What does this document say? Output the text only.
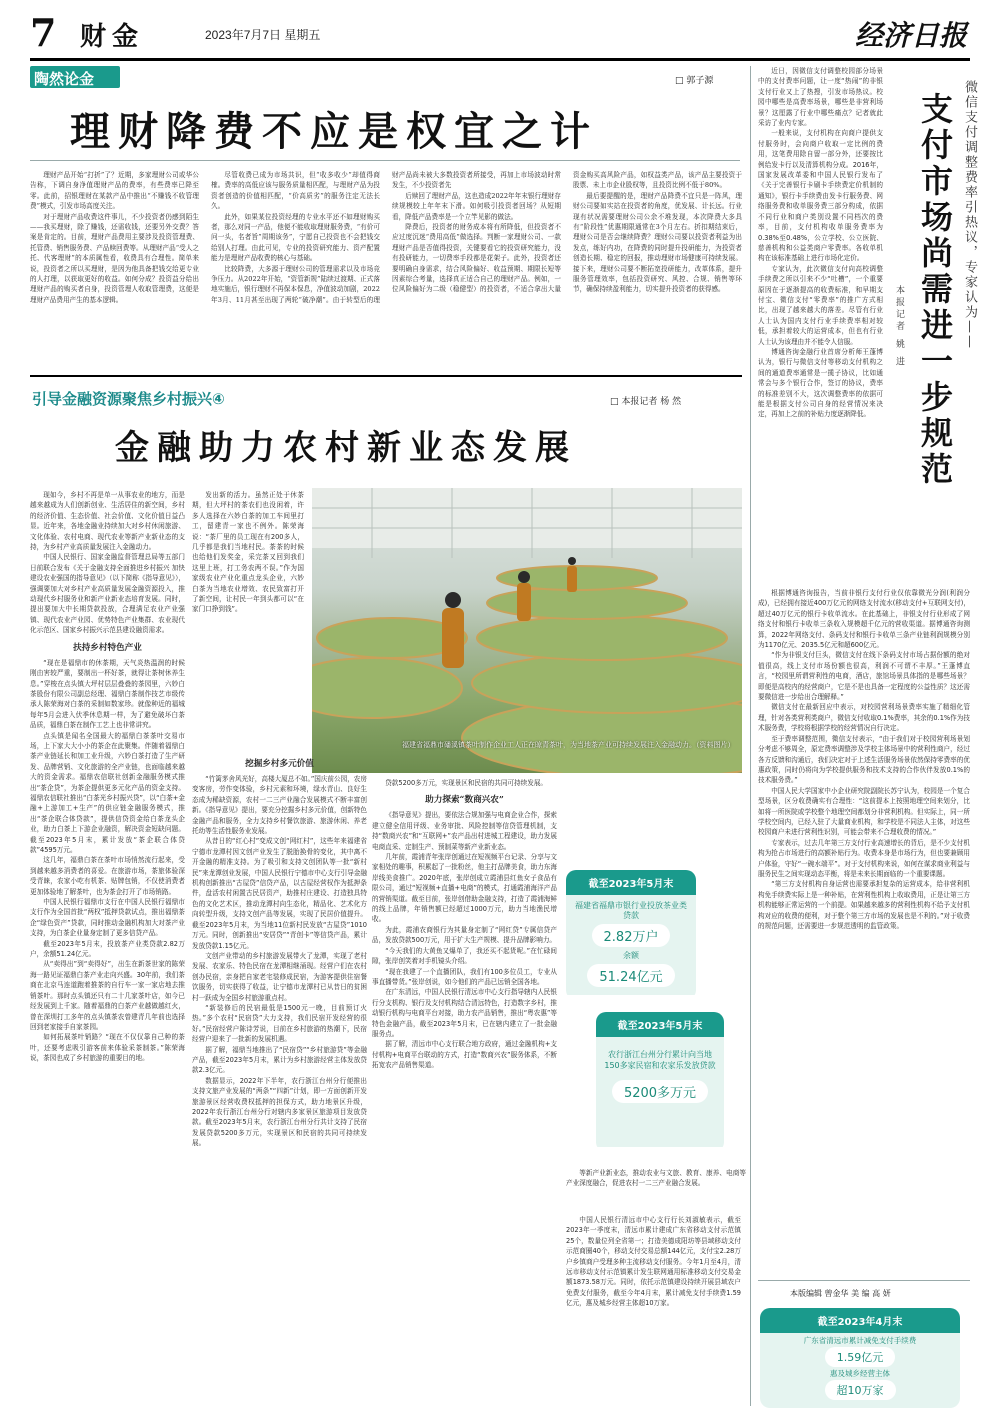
7 财金	2023年7月7日 星期五	经济日报
陶然论金	□ 郭子源
理财降费不应是权宜之计

理财产品开始“打折”了？近期，多家理财公司或华公告称，下调自身净值理财产品的费率，有些费率已降至零。此前，招银理财在某款产品中推出“不赚钱不收管理费”模式，引发市场高度关注。

对于理财产品收费这件事儿，不少投资者仍感到陌生——我买理财，除了赚钱，还需收钱，还要另外交费？答案是肯定的。目前，理财产品费用主要涉及投资管理费、托管费、销售服务费、产品赎回费等。从理财产品“受人之托、代客理财”的本质属性看，收费具有合理性。简单来说，投资者之所以买理财，是因为他具备把钱交给更专业的人打理，以获取更好的收益。如何分成？投资益分给出理财产品的购买者自身，投资管理人收取管理费，这便是理财产品费用产生的基本逻辑。

尽管收费已成为市场共识，但“收多收少”却值得商榷。费率的高低应该与服务质量相匹配，与理财产品为投资者创造的价值相匹配，“价高质劣”的服务注定无法长久。

此外，如果某位投资经理的专业水平还不如理财购买者，那么对同一产品，他便不能收取理财服务费，“有价可问一头，名者旨”周期该务”，宁愿自己投资也不会把钱交给别人打理。由此可见，专业的投资研究能力、资产配置能力是理财产品收费的核心与基础。

比较降费，大多源于理财公司的管理需求以及市场竞争压力。从2022年开始，“资管新规”陆续过渡期、正式落地实施后，银行理财不再保本保息，净值波动加剧，2022年3月、11月甚至出现了两轮“破净潮”。由于转型后的理财产品尚未被大多数投资者所接受，再加上市场波动时常发生，不少投资者先

后赎回了理财产品，这也造成2022年年末银行理财存续规模较上年年末下滑。如何吸引投资者回场？从短期看，降低产品费率是一个立竿见影的做法。

降费后，投资者的财务成本将有所降低，但投资者不应过度沉迷“费用高低”做选择。判断一家理财公司、一款理财产品是否值得投资，关键要看它的投资研究能力，没有投研能力，一切费率手段都是花架子。此外，投资者还要明确自身需求，结合风险偏好、收益预期、期限长短等因素综合考量，选择真正适合自己的理财产品。例如，一位风险偏好为二级（稳健型）的投资者，不适合拿出大量资金购买高风险产品，如权益类产品，该产品主要投资于股票、未上市企业股权等，且投资比例不低于80%。

最后要提醒的是，理财产品降费不宜只是一阵风，理财公司要如实站在投资者的角度，优发展、计长远。行业现有状况需要理财公司公余不堆发现，本次降费大多具有“阶段性”优惠期限通常在3个月左右。折扣期结束后，理财公司是否会继续降费？理财公司要以投资者利益为出发点，练好内功，在降费的同时提升投研能力，为投资者创造长期、稳定的回报，推动理财市场健康可持续发展。接下来，理财公司要不断拓宽投研能力，改革体系，提升服务管理效率，包括投资研究、风控、合规、销售等环节，确保持续盈利能力，切实提升投资者的获得感。

引导金融资源聚焦乡村振兴④	□ 本报记者 杨 然
金融助力农村新业态发展

现如今，乡村不再是单一从事农业的地方，而是越来越成为人们创新创业、生活居住的新空间，乡村的经济价值、生态价值、社会价值、文化价值日益凸显。近年来，各地金融业持续加大对乡村休闲旅游、文化体验、农村电商、现代农业等新产业新业态的支持，为乡村产业高质量发展注入金融动力。

中国人民银行、国家金融监督管理总局等五部门日前联合发布《关于金融支持全面推进乡村振兴 加快建设农业强国的指导意见》（以下简称《指导意见》），强调要加大对乡村产业高质量发展金融资源投入，推动现代乡村服务业和新产业新业态培育发展。同时，提出要加大中长期贷款投放，合理满足农业产业强镇、现代农业产业园、优势特色产业集群、农业现代化示范区、国家乡村振兴示范县建设融资需求。

扶持乡村特色产业

“现在是福鼎市的休茶期，天气炎热温润的时候刚由害较严重，要制出一杯好茶，就得让茶树休养生息。”穿梭在点头镇大坪村层层叠叠的茶园里，六妙白茶股份有限公司副总经理、福鼎白茶制作技艺市级传承人陈荣海对白茶的采制如数家珍。就像种近的福城每年5月会进入伏季休息期一样，为了避免破坏白茶品质，福鼎白茶在制作工艺上也非常讲究。

点头镇是闻名全国最大的福鼎白茶茶叶交易市场，上下家大大小小的茶企在此聚集。伴随着福鼎白茶产业链延长和加工业升级，六妙白茶打造了生产研发、品牌营销、文化旅游的全产业链，也面临越来越大的资金需求。福鼎农信联社创新金融服务模式推出“茶企贷”，为茶企提供更多元化产品的资金支持。福鼎农信联社推出“白茶光乡村振兴贷”，以“白茶+金融+上游加工+生产”的供应链金融服务模式，推出“茶企联合体贷款”，提供信贷资金给白茶龙头企业，助力白茶上下游企业融资，解决资金短缺问题。截至2023年5月末，累计发放“茶企联合体贷款”4595万元。

这几年，福鼎白茶在茶叶市场悄然流行起来，受到越来越多消费者的喜爱。在旅游市场，茶旅体验深受青睐，农家小吃有机茶、贴牌包销，不仅使消费者更加体验地了解茶叶，也为茶企打开了市场销路。

中国人民银行福鼎市支行在中国人民银行福鼎市支行作为全国首批“两权”抵押贷款试点，推出福鼎茶企“绿色资产”贷款，同时推动金融机构加大对茶产业支持，为白茶企业量身定制了更多信贷产品。

截至2023年5月末，投放茶产业类贷款2.82万户，余额51.24亿元。

从“卖得出”到“卖得好”，出生在新茶世家的陈荣海一路见证福鼎白茶产业走向兴盛。30年前，我们茶商在北京马连道跑着推茶的自行车一家一家店地去推销茶叶。那时点头镇还只有二十几家茶叶店，如今已经发展到上千家。随着福鼎的白茶产业越做越红火，曾在深圳打工多年的点头镇茶农曾建青几年前也选择回到老家接手自家茶园。

如何拓展茶叶销路？“现在不仅仅靠自己种的茶叶，还要考虑吸引游客前来体验采茶制茶。”陈荣海说，茶园也成了乡村旅游的重要目的地。

发出新的活力。虽然正处于休茶期，但大坪村的茶农们也没闲着，许多人选择在六妙白茶的加工车间里打工，留建青一家也不例外。陈荣海说：“茶厂里的员工现在有200多人，几乎都是我们当地村民。茶茶的时候也给他们发奖金，采完茶又回到我们这里上班，打工务农两不误。”作为国家级农业产业化重点龙头企业，六妙白茶为当地农业增效、农民致富打开了新空间，让村民一年到头都可以“在家门口挣到钱”。

福建省福鼎市磻溪镇茶叶制作企业工人正在晾青茶叶，为当地茶产业可持续发展注入金融动力。（资料图片）
挖掘乡村多元价值

“竹篱茅舍风光好，高楼大厦总不如。”国庆前公园，农房变客房，劳作变体验，乡村元素和环境，绿水青山、良好生态成为稀缺资源，农村一二三产业融合发展模式不断丰富创新。《指导意见》提出，要充分挖掘乡村多元价值，创新特色金融产品和服务，全力支持乡村餐饮旅游、旅游休闲、养老托幼等生活性服务业发展。

从昔日的“红心村”变成文创“网红村”，这些年来福建省宁德市龙潭村因文创产业发生了脱胎换骨的变化，其中离不开金融的精准支持。为了吸引和支持文创团队等一批“新村民”来龙潭创业发展，中国人民银行宁德市中心支行引导金融机构创新推出“古屋贷”信贷产品，以古屋经营权作为抵押条件，盘活农村闲置古民居资产，助推村庄建设、打造独具特色的文化艺术区，推动龙潭村向生态化，精品化、艺术化方向转型升级，支持文创产品等发展，实现了民居价值提升。截至2023年5月末，为当地11位新村民发放“古屋贷”1010万元。同时，创新推出“安居贷”“青创卡”等信贷产品，累计发放贷款1.15亿元。

文创产业带动的乡村旅游发展带火了龙潭，实现了老村发展、农家乐、特色民宿在龙潭相继涌现。经营户们在农村创办民宿，亲身把自家老宅装修成民宿，为游客提供住宿餐饮服务，切实获得了收益，让宁德市龙潭村已从昔日的贫困村一跃成为全国乡村旅游重点村。

“新装修后的民宿最低是1500元一晚，目前预订火热。”多个农村“民宿贷”大力支持，我们民宿开发经营的很好。”民宿经营户陈诗芳说，目前在乡村旅游的热潮下，民宿经营户迎来了一批新的发展机遇。

据了解，福鼎当地推出了“民宿贷”“乡村旅游贷”等金融产品，截至2023年5月末，累计为乡村旅游经营主体发放贷款2.3亿元。

数据显示，2022年下半年，农行浙江台州分行便推出支持文旅产业发展的“两条”“四新”计划，即一方面创新开发旅游景区经营收费权抵押的担保方式，助力地景区升级，2022年农行浙江台州分行对辖内多家景区旅游项目发放贷款。截至2023年5月末，农行浙江台州分行共计支持了民宿发展贷款5200多万元，实现景区和民宿的共同可持续发展。

贷款5200多万元，实现景区和民宿的共同可持续发展。

助力探索“数商兴农”

《指导意见》提出，要依法合规加强与电商企业合作，探索建立健全信用评级、业务审批、风险控制等信贷管理机制，支持“数商兴农”和“互联网+”农产品出村进城工程建设，助力发展电商直采、定制生产、预制菜等新产业新业态。

几年前，霞浦青年张岸创通过在短视频平台记录、分享与文家相处的趣事，积累起了一批粉丝，他主打品牌美食，助力东海岸线美食推广。2020年底，张岸创成立霞浦县红鱼女子食品有限公司，通过“短视频+直播+电商”的模式，打通霞浦海洋产品的营销渠道。截至目前，张岸创借助金融支持，打造了霞浦海鲜的线上品牌，年销售额已经超过1000万元，助力当地渔民增收。

为此，霞浦农商银行为其量身定制了“网红贷”专属信贷产品，发放贷款500万元，用于扩大生产规模、提升品牌影响力。

“今天我们的大黄鱼又爆单了，我还买不起货呢。”在忙碌间隙，张岸创笑着对手机镜头介绍。

“现在我建了一个直播团队，我们有100多位员工，专业从事直播带货。”张岸创说，如今他们的产品已远销全国各地。

在广东清远，中国人民银行清远市中心支行指导辖内人民银行分支机构、银行及支付机构结合清远特色，打造数字乡村，推动银行机构与电商平台对接，助力农产品销售，推出“粤农惠”等特色金融产品，截至2023年5月末，已在辖内建立了一批金融服务点。

据了解，清远市中心支行联合地方政府，通过金融机构+支付机构+电商平台联动的方式，打造“数商兴农”服务体系，不断拓宽农产品销售渠道。

截至2023年5月末
福建省福鼎市银行业投放茶业类贷款
2.82万户
余额
51.24亿元
截至2023年5月末
农行浙江台州分行累计向当地150多家民宿和农家乐发放贷款
5200多万元

等新产业新业态，推动农业与文旅、教育、康养、电商等产业深度融合，促进农村一二三产业融合发展。

中国人民银行清远市中心支行行长刘淑敏表示，截至2023年一季度末，清远市累计建成广东省移动支付示范镇25个，数量位列全省第一；打造美德成阳坊等县域移动支付示范商圈40个，移动支付交易总额144亿元，支付宝2.28万户乡镇商户受理多种主流移动支付服务。今年1月至4月，清远市移动支付示范镇累计发生联网通用标准移动支付交易金额1873.58万元。同时，依托示范镇建设持续开展县域农户免费支付服务，截至今年4月末，累计减免支付手续费1.59亿元，惠及城乡经营主体超10万家。

支付市场尚需进一步规范 微信支付调整费率引热议，专家认为——
本报记者 姚 进

近日，因微信支付调整校园部分场景中的支付费率问题，让一度“热闹”的非银支付行业又上了热搜，引发市场热议。校园中哪些是高费率场景，哪些是非营利场景？这厘露了行业中哪些痛点？记者就此采访了业内专家。

一般来说，支付机构在向商户提供支付服务时，会向商户收取一定比例的费用，这笔费用除自留一部分外，还要按比例给发卡行以及清算机构分成。2016年，国家发展改革委和中国人民银行发布了《关于完善银行卡刷卡手续费定价机制的通知》，银行卡手续费由发卡行服务费、网络服务费和收单服务费三部分构成，依据不同行业和商户类别设置不同档次的费率，目前，支付机构收单服务费率为0.38%至0.48%，公立学校、公立医院、慈善机构和公益类商户零费率。各收单机构在该标准基础上进行市场化定价。

专家认为，此次微信支付向高校调整手续费之所以引来不少“吐槽”，一个重要原因在于逐渐提高的收费标准，和早期支付宝、微信支付“零费率”的推广方式相比，出现了越来越大的落差。尽管有行业人士认为国内支付行业手续费率相对较低，承担着较大的运营成本，但也有行业人士认为该理由并不能令人信服。

博通咨询金融行业首席分析师王蓬博认为，银行与微信支付等移动支付机构之间的通道费率通常是一揽子协议，比如通常会与多个银行合作，签订的协议，费率的标准差别不大，这次调整费率的依据可能是根据支付公司自身的经营情况来决定，再加上之前的补贴力度逐渐降低。

根据博通咨询报告，当前非银行支付行业仅依靠微光分润(利润分成)，已经拥有接近400万亿元的网络支付流水(移动支付+互联网支付)，超过40万亿元的银行卡收单流水。在此基础上，非银支付行业形成了网络支付和银行卡收单三条收入规模超千亿元的营收渠道。据博通咨询测算，2022年网络支付、条码支付和银行卡收单三条产业链利润规模分别为1170亿元、2035.5亿元和超600亿元。

“作为非银支付巨头，微信支付在线下条码支付市场占据份额的绝对值很高，线上支付市场份额也很高，利润不可谓不丰厚。”王蓬博直言，“校园里所谓营利性的电商，酒店，旅馆场景具体指的是哪些场景？即便是高校内的经营商户，它是不是也具备一定程度的公益性质？这还需要微信进一步给出合理解释。”

微信支付在最新回应中表示，对校园营利场景费率实施了精细化管理，针对各类营利类商户，微信支付收取0.1%费率，其余的0.1%作为技术服务费，学校将根据学校的经营情况自行决定。

至于费率调整范围，微信支付表示，“由于我们对于校园营利场景划分考虑不够周全，原定费率调整涉及学校主体场景中的营利性商户，经过各方反馈和沟通后，我们决定对于上述生活服务场景依然保持零费率的优惠政策，同时仍将向为学校提供服务和技术支持的合作伙伴发放0.1%的技术服务费。”

中国人民大学国家中小企业研究院副院长苏宁认为，校园是一个复合型场景，区分收费确实有合理性：“这前提本上按照地理空间来划分，比如将一所医院或学校整个地理空间都划分非营利机构。但实际上，同一所学校空间内，已经入驻了大量商业机构，和学校是不同法人主体，对这些校园商户未进行营利性识别，可能会带来不合理收费的情况。”

专家表示，过去几年第三方支付行业高速增长的背后，是不少支付机构为抢占市场进行的高额补贴行为。收费本身是市场行为，但也要兼顾用户体验，守好“一碗水端平”。对于支付机构来说，如何在谋求商业利益与服务民生之间实现动态平衡，将是未来长期面临的一个重要课题。

“第三方支付机构自身运营也需要承担复杂的运营成本，给非营利机构免手续费实际上是一种补贴，在营利性机构上收取费用，正是让第三方机构能够正常运营的一个前提。如果越来越多的营利性机构不给予支付机构对应的收费的便利，对于整个第三方市场的发展也是不利的。”对于收费的规范问题，还需要进一步规范透明的监管政策。

本版编辑 曾金华 美 编 高 妍
截至2023年4月末
广东省清远市累计减免支付手续费
1.59亿元
惠及城乡经营主体
超10万家
